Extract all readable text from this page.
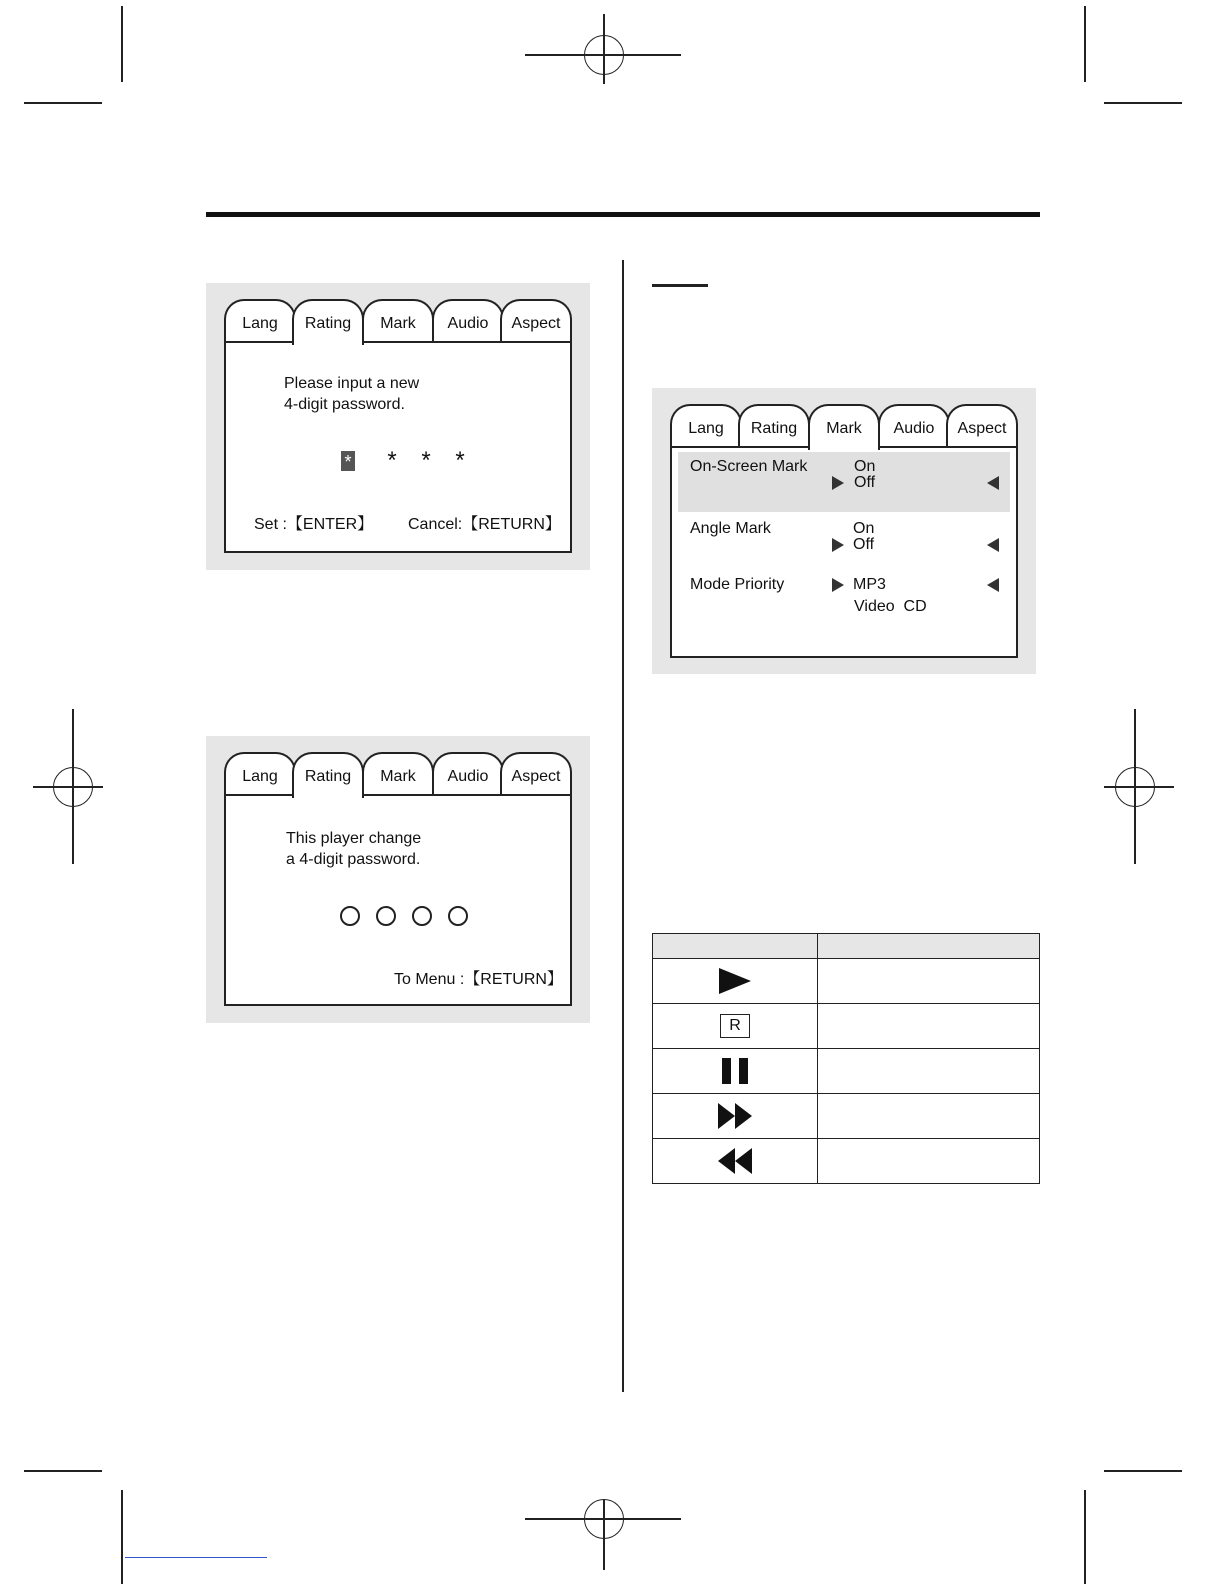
Lang	Rating	Mark	Audio	Aspect
Please input a new
4-digit password.
* * * *
Set :【ENTER】 Cancel:【RETURN】
Lang	Rating	Mark	Audio	Aspect
This player change
a 4-digit password.
To Menu :【RETURN】
Lang	Rating	Mark	Audio	Aspect
On-Screen Mark	On
Off
Angle Mark	On
Off
Mode Priority	MP3
Video  CD

R	
